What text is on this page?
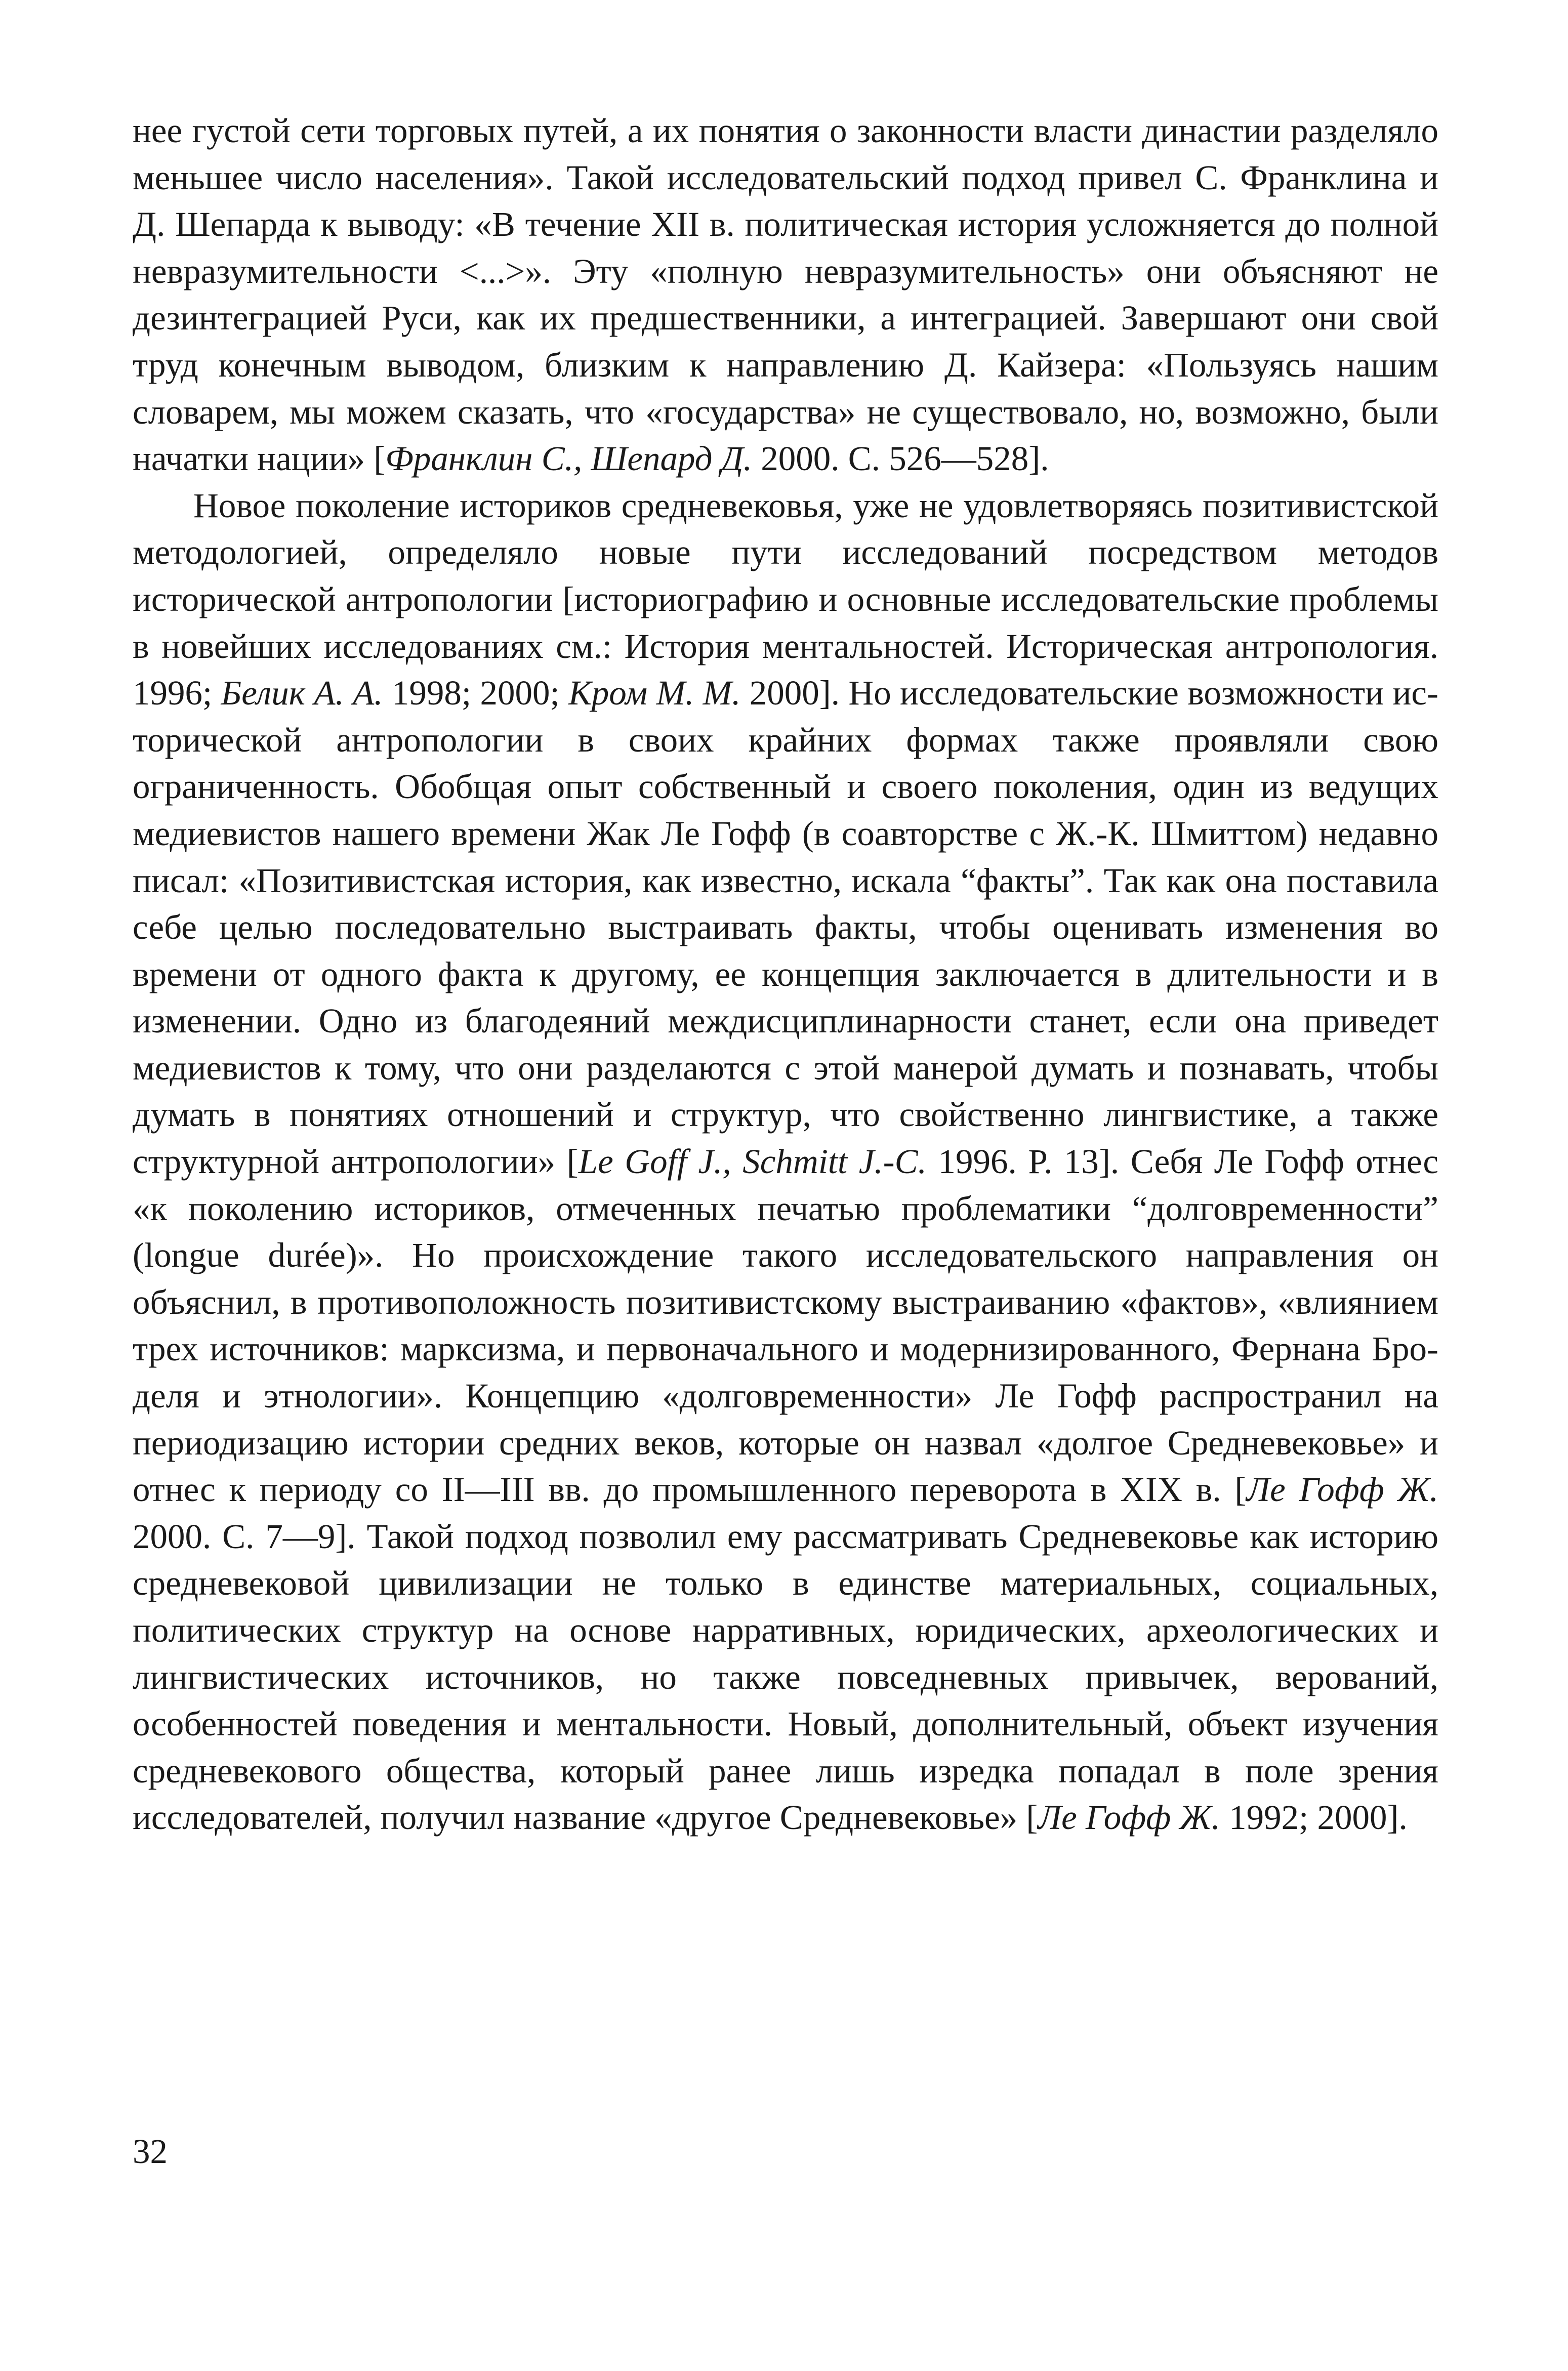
нее густой сети торговых путей, а их понятия о законности власти династии разделяло меньшее число населения». Такой исследовательский подход привел С. Франклина и Д. Шепарда к выводу: «В течение XII в. политическая история усложняется до полной невразумительности <...>». Эту «полную невразумительность» они объясняют не дезинтеграцией Руси, как их предшественники, а интеграцией. Завершают они свой труд конечным выводом, близким к направлению Д. Кайзера: «Пользуясь нашим словарем, мы можем сказать, что «государства» не существовало, но, возможно, были начатки нации» [Франклин С., Шепард Д. 2000. С. 526—528].

Новое поколение историков средневековья, уже не удовлетворяясь позитивистской методологией, определяло новые пути исследований посредством методов исторической антропологии [историографию и основные исследовательские проблемы в новейших исследованиях см.: История ментальностей. Историческая антропология. 1996; Белик А. А. 1998; 2000; Кром М. М. 2000]. Но исследовательские возможности исторической антропологии в своих крайних формах также проявляли свою ограниченность. Обобщая опыт собственный и своего поколения, один из ведущих медиевистов нашего времени Жак Ле Гофф (в соавторстве с Ж.-К. Шмиттом) недавно писал: «Позитивистская история, как известно, искала “факты”. Так как она поставила себе целью последовательно выстраивать факты, чтобы оценивать изменения во времени от одного факта к другому, ее концепция заключается в длительности и в изменении. Одно из благодеяний междисциплинарности станет, если она приведет медиевистов к тому, что они разделаются с этой манерой думать и познавать, чтобы думать в понятиях отношений и структур, что свойственно лингвистике, а также структурной антропологии» [Le Goff J., Schmitt J.-C. 1996. P. 13]. Себя Ле Гофф отнес «к поколению историков, отмеченных печатью проблематики “долговременности” (longue durée)». Но происхождение такого исследовательского направления он объяснил, в противоположность позитивистскому выстраиванию «фактов», «влиянием трех источников: марксизма, и первоначального и модернизированного, Фернана Броделя и этнологии». Концепцию «долговременности» Ле Гофф распространил на периодизацию истории средних веков, которые он назвал «долгое Средневековье» и отнес к периоду со II—III вв. до промышленного переворота в XIX в. [Ле Гофф Ж. 2000. С. 7—9]. Такой подход позволил ему рассматривать Средневековье как историю средневековой цивилизации не только в единстве материальных, социальных, политических структур на основе нарративных, юридических, археологических и лингвистических источников, но также повседневных привычек, верований, особенностей поведения и ментальности. Новый, дополнительный, объект изучения средневекового общества, который ранее лишь изредка попадал в поле зрения исследователей, получил название «другое Средневековье» [Ле Гофф Ж. 1992; 2000].

32
